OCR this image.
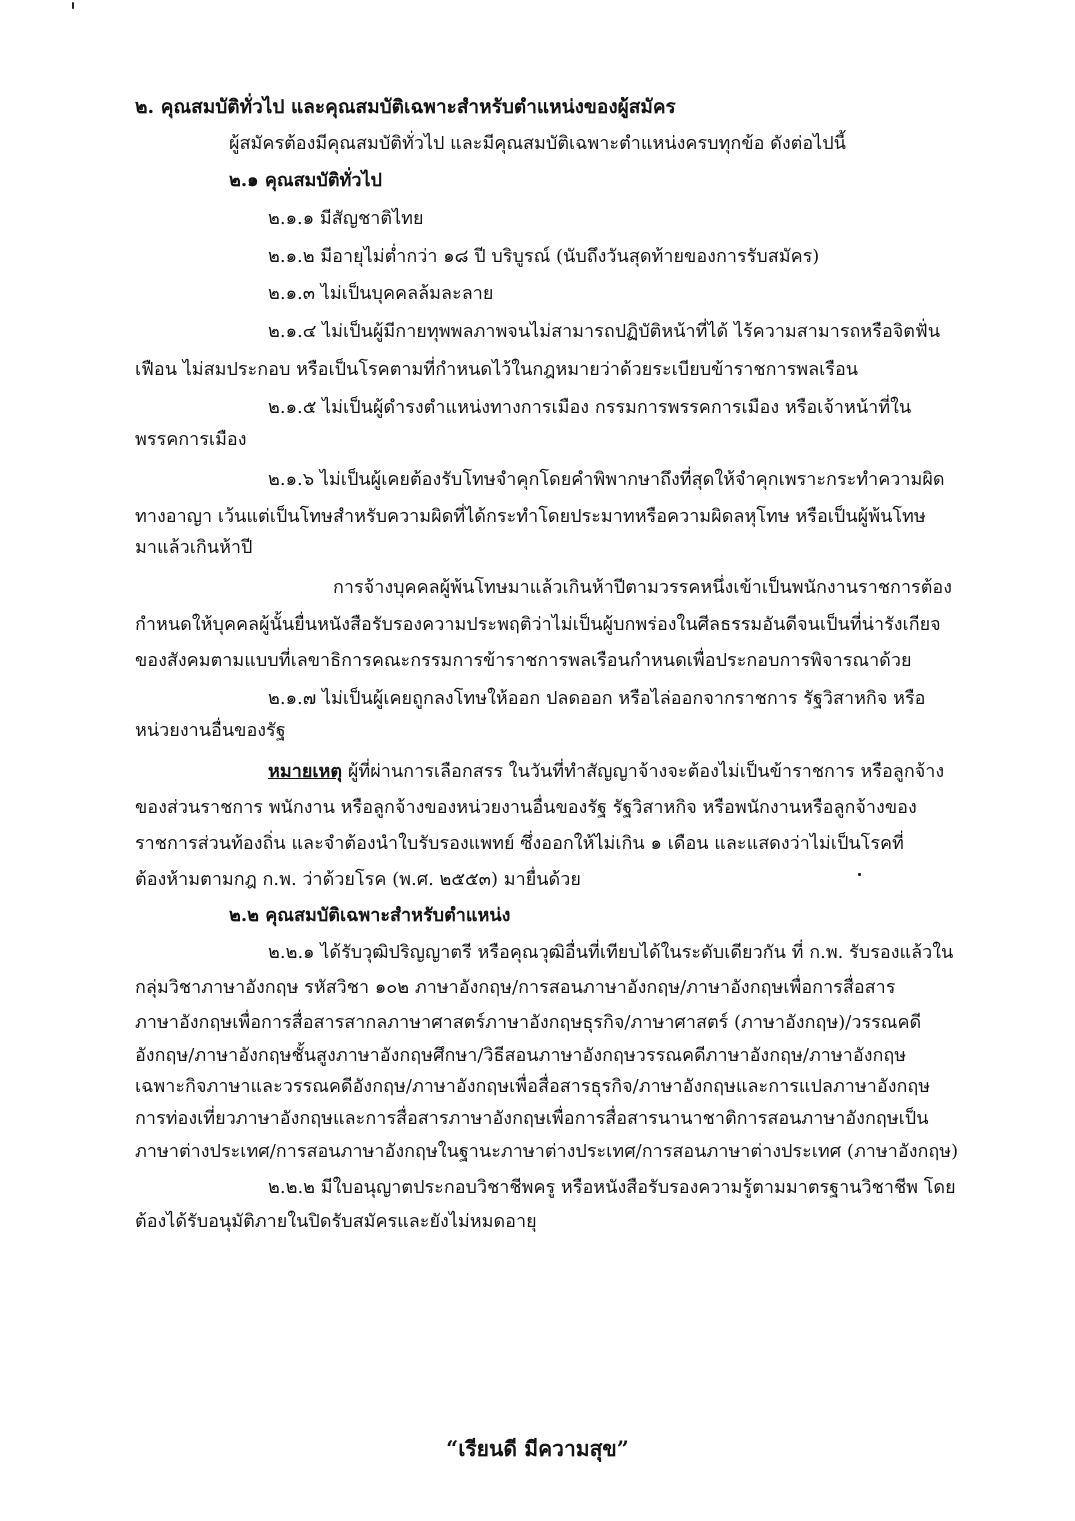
๒. คุณสมบัติทั่วไป และคุณสมบัติเฉพาะสำหรับตำแหน่งของผู้สมัคร

ผู้สมัครต้องมีคุณสมบัติทั่วไป และมีคุณสมบัติเฉพาะตำแหน่งครบทุกข้อ ดังต่อไปนี้

๒.๑ คุณสมบัติทั่วไป

๒.๑.๑ มีสัญชาติไทย

๒.๑.๒ มีอายุไม่ต่ำกว่า ๑๘ ปี บริบูรณ์ (นับถึงวันสุดท้ายของการรับสมัคร)

๒.๑.๓ ไม่เป็นบุคคลล้มละลาย

๒.๑.๔ ไม่เป็นผู้มีกายทุพพลภาพจนไม่สามารถปฏิบัติหน้าที่ได้ ไร้ความสามารถหรือจิตฟั่น

เฟือน ไม่สมประกอบ หรือเป็นโรคตามที่กำหนดไว้ในกฎหมายว่าด้วยระเบียบข้าราชการพลเรือน

๒.๑.๕ ไม่เป็นผู้ดำรงตำแหน่งทางการเมือง กรรมการพรรคการเมือง หรือเจ้าหน้าที่ใน

พรรคการเมือง

๒.๑.๖ ไม่เป็นผู้เคยต้องรับโทษจำคุกโดยคำพิพากษาถึงที่สุดให้จำคุกเพราะกระทำความผิด

ทางอาญา เว้นแต่เป็นโทษสำหรับความผิดที่ได้กระทำโดยประมาทหรือความผิดลหุโทษ หรือเป็นผู้พ้นโทษ

มาแล้วเกินห้าปี

การจ้างบุคคลผู้พ้นโทษมาแล้วเกินห้าปีตามวรรคหนึ่งเข้าเป็นพนักงานราชการต้อง

กำหนดให้บุคคลผู้นั้นยื่นหนังสือรับรองความประพฤติว่าไม่เป็นผู้บกพร่องในศีลธรรมอันดีจนเป็นที่น่ารังเกียจ

ของสังคมตามแบบที่เลขาธิการคณะกรรมการข้าราชการพลเรือนกำหนดเพื่อประกอบการพิจารณาด้วย

๒.๑.๗ ไม่เป็นผู้เคยถูกลงโทษให้ออก ปลดออก หรือไล่ออกจากราชการ รัฐวิสาหกิจ หรือ

หน่วยงานอื่นของรัฐ

หมายเหตุ ผู้ที่ผ่านการเลือกสรร ในวันที่ทำสัญญาจ้างจะต้องไม่เป็นข้าราชการ หรือลูกจ้าง

ของส่วนราชการ พนักงาน หรือลูกจ้างของหน่วยงานอื่นของรัฐ รัฐวิสาหกิจ หรือพนักงานหรือลูกจ้างของ

ราชการส่วนท้องถิ่น และจำต้องนำใบรับรองแพทย์ ซึ่งออกให้ไม่เกิน ๑ เดือน และแสดงว่าไม่เป็นโรคที่

ต้องห้ามตามกฎ ก.พ. ว่าด้วยโรค (พ.ศ. ๒๕๕๓) มายื่นด้วย

๒.๒ คุณสมบัติเฉพาะสำหรับตำแหน่ง

๒.๒.๑ ได้รับวุฒิปริญญาตรี หรือคุณวุฒิอื่นที่เทียบได้ในระดับเดียวกัน ที่ ก.พ. รับรองแล้วใน

กลุ่มวิชาภาษาอังกฤษ รหัสวิชา ๑๐๒ ภาษาอังกฤษ/การสอนภาษาอังกฤษ/ภาษาอังกฤษเพื่อการสื่อสาร

ภาษาอังกฤษเพื่อการสื่อสารสากลภาษาศาสตร์ภาษาอังกฤษธุรกิจ/ภาษาศาสตร์ (ภาษาอังกฤษ)/วรรณคดี

อังกฤษ/ภาษาอังกฤษชั้นสูงภาษาอังกฤษศึกษา/วิธีสอนภาษาอังกฤษวรรณคดีภาษาอังกฤษ/ภาษาอังกฤษ

เฉพาะกิจภาษาและวรรณคดีอังกฤษ/ภาษาอังกฤษเพื่อสื่อสารธุรกิจ/ภาษาอังกฤษและการแปลภาษาอังกฤษ

การท่องเที่ยวภาษาอังกฤษและการสื่อสารภาษาอังกฤษเพื่อการสื่อสารนานาชาติการสอนภาษาอังกฤษเป็น

ภาษาต่างประเทศ/การสอนภาษาอังกฤษในฐานะภาษาต่างประเทศ/การสอนภาษาต่างประเทศ (ภาษาอังกฤษ)

๒.๒.๒ มีใบอนุญาตประกอบวิชาชีพครู หรือหนังสือรับรองความรู้ตามมาตรฐานวิชาชีพ โดย

ต้องได้รับอนุมัติภายในปิดรับสมัครและยังไม่หมดอายุ

“เรียนดี มีความสุข”
